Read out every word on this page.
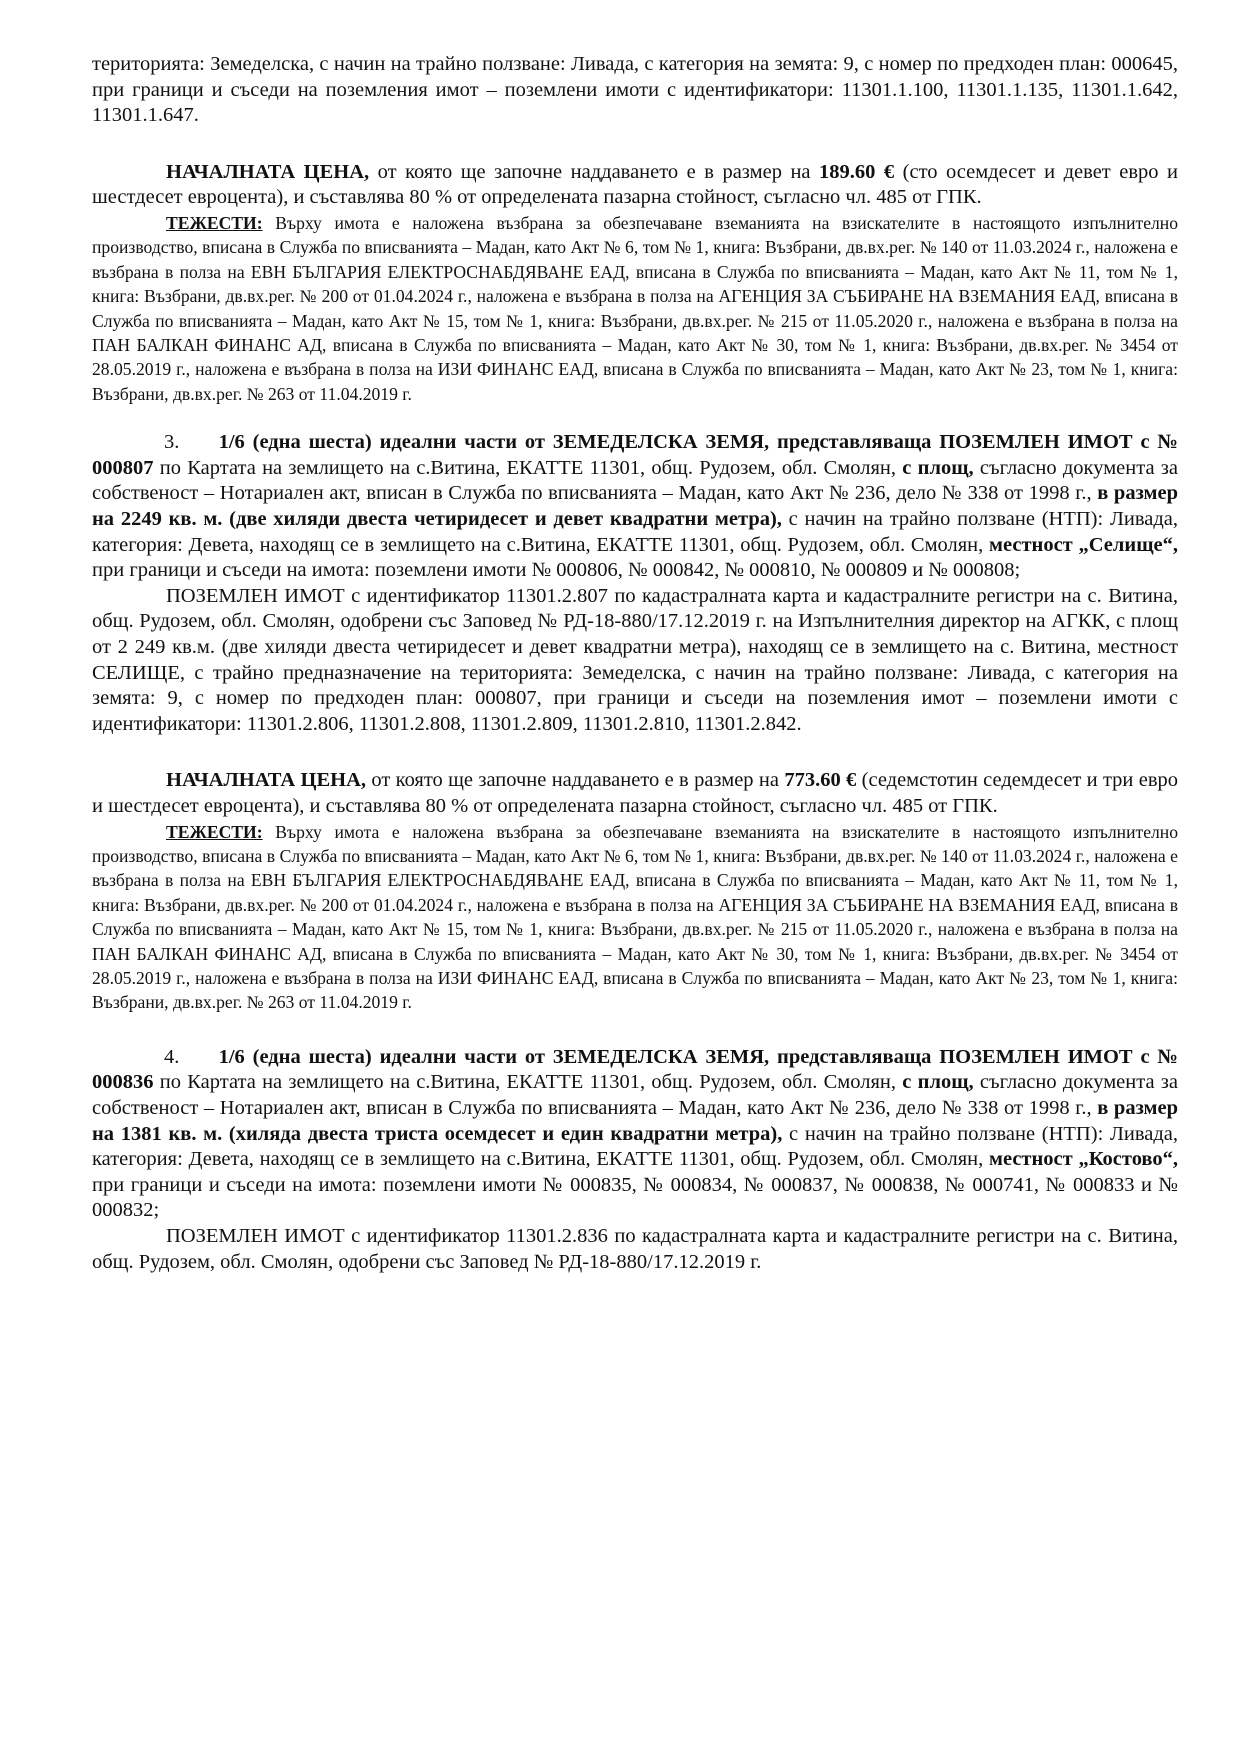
територията: Земеделска, с начин на трайно ползване: Ливада, с категория на земята: 9, с номер по предходен план: 000645, при граници и съседи на поземления имот – поземлени имоти с идентификатори: 11301.1.100, 11301.1.135, 11301.1.642, 11301.1.647.

НАЧАЛНАТА ЦЕНА, от която ще започне наддаването е в размер на 189.60 € (сто осемдесет и девет евро и шестдесет евроцента), и съставлява 80 % от определената пазарна стойност, съгласно чл. 485 от ГПК.

ТЕЖЕСТИ: Върху имота е наложена възбрана за обезпечаване вземанията на взискателите в настоящото изпълнително производство, вписана в Служба по вписванията – Мадан, като Акт № 6, том № 1, книга: Възбрани, дв.вх.рег. № 140 от 11.03.2024 г., наложена е възбрана в полза на ЕВН БЪЛГАРИЯ ЕЛЕКТРОСНАБДЯВАНЕ ЕАД, вписана в Служба по вписванията – Мадан, като Акт № 11, том № 1, книга: Възбрани, дв.вх.рег. № 200 от 01.04.2024 г., наложена е възбрана в полза на АГЕНЦИЯ ЗА СЪБИРАНЕ НА ВЗЕМАНИЯ ЕАД, вписана в Служба по вписванията – Мадан, като Акт № 15, том № 1, книга: Възбрани, дв.вх.рег. № 215 от 11.05.2020 г., наложена е възбрана в полза на ПАН БАЛКАН ФИНАНС АД, вписана в Служба по вписванията – Мадан, като Акт № 30, том № 1, книга: Възбрани, дв.вх.рег. № 3454 от 28.05.2019 г., наложена е възбрана в полза на ИЗИ ФИНАНС ЕАД, вписана в Служба по вписванията – Мадан, като Акт № 23, том № 1, книга: Възбрани, дв.вх.рег. № 263 от 11.04.2019 г.

3. 1/6 (една шеста) идеални части от ЗЕМЕДЕЛСКА ЗЕМЯ, представляваща ПОЗЕМЛЕН ИМОТ с № 000807 по Картата на землището на с.Витина, ЕКАТТЕ 11301, общ. Рудозем, обл. Смолян, с площ, съгласно документа за собственост – Нотариален акт, вписан в Служба по вписванията – Мадан, като Акт № 236, дело № 338 от 1998 г., в размер на 2249 кв. м. (две хиляди двеста четиридесет и девет квадратни метра), с начин на трайно ползване (НТП): Ливада, категория: Девета, находящ се в землището на с.Витина, ЕКАТТЕ 11301, общ. Рудозем, обл. Смолян, местност „Селище“, при граници и съседи на имота: поземлени имоти № 000806, № 000842, № 000810, № 000809 и № 000808;

ПОЗЕМЛЕН ИМОТ с идентификатор 11301.2.807 по кадастралната карта и кадастралните регистри на с. Витина, общ. Рудозем, обл. Смолян, одобрени със Заповед № РД-18-880/17.12.2019 г. на Изпълнителния директор на АГКК, с площ от 2 249 кв.м. (две хиляди двеста четиридесет и девет квадратни метра), находящ се в землището на с. Витина, местност СЕЛИЩЕ, с трайно предназначение на територията: Земеделска, с начин на трайно ползване: Ливада, с категория на земята: 9, с номер по предходен план: 000807, при граници и съседи на поземления имот – поземлени имоти с идентификатори: 11301.2.806, 11301.2.808, 11301.2.809, 11301.2.810, 11301.2.842.

НАЧАЛНАТА ЦЕНА, от която ще започне наддаването е в размер на 773.60 € (седемстотин седемдесет и три евро и шестдесет евроцента), и съставлява 80 % от определената пазарна стойност, съгласно чл. 485 от ГПК.

ТЕЖЕСТИ: Върху имота е наложена възбрана за обезпечаване вземанията на взискателите в настоящото изпълнително производство, вписана в Служба по вписванията – Мадан, като Акт № 6, том № 1, книга: Възбрани, дв.вх.рег. № 140 от 11.03.2024 г., наложена е възбрана в полза на ЕВН БЪЛГАРИЯ ЕЛЕКТРОСНАБДЯВАНЕ ЕАД, вписана в Служба по вписванията – Мадан, като Акт № 11, том № 1, книга: Възбрани, дв.вх.рег. № 200 от 01.04.2024 г., наложена е възбрана в полза на АГЕНЦИЯ ЗА СЪБИРАНЕ НА ВЗЕМАНИЯ ЕАД, вписана в Служба по вписванията – Мадан, като Акт № 15, том № 1, книга: Възбрани, дв.вх.рег. № 215 от 11.05.2020 г., наложена е възбрана в полза на ПАН БАЛКАН ФИНАНС АД, вписана в Служба по вписванията – Мадан, като Акт № 30, том № 1, книга: Възбрани, дв.вх.рег. № 3454 от 28.05.2019 г., наложена е възбрана в полза на ИЗИ ФИНАНС ЕАД, вписана в Служба по вписванията – Мадан, като Акт № 23, том № 1, книга: Възбрани, дв.вх.рег. № 263 от 11.04.2019 г.

4. 1/6 (една шеста) идеални части от ЗЕМЕДЕЛСКА ЗЕМЯ, представляваща ПОЗЕМЛЕН ИМОТ с № 000836 по Картата на землището на с.Витина, ЕКАТТЕ 11301, общ. Рудозем, обл. Смолян, с площ, съгласно документа за собственост – Нотариален акт, вписан в Служба по вписванията – Мадан, като Акт № 236, дело № 338 от 1998 г., в размер на 1381 кв. м. (хиляда двеста триста осемдесет и един квадратни метра), с начин на трайно ползване (НТП): Ливада, категория: Девета, находящ се в землището на с.Витина, ЕКАТТЕ 11301, общ. Рудозем, обл. Смолян, местност „Костово“, при граници и съседи на имота: поземлени имоти № 000835, № 000834, № 000837, № 000838, № 000741, № 000833 и № 000832;

ПОЗЕМЛЕН ИМОТ с идентификатор 11301.2.836 по кадастралната карта и кадастралните регистри на с. Витина, общ. Рудозем, обл. Смолян, одобрени със Заповед № РД-18-880/17.12.2019 г.
